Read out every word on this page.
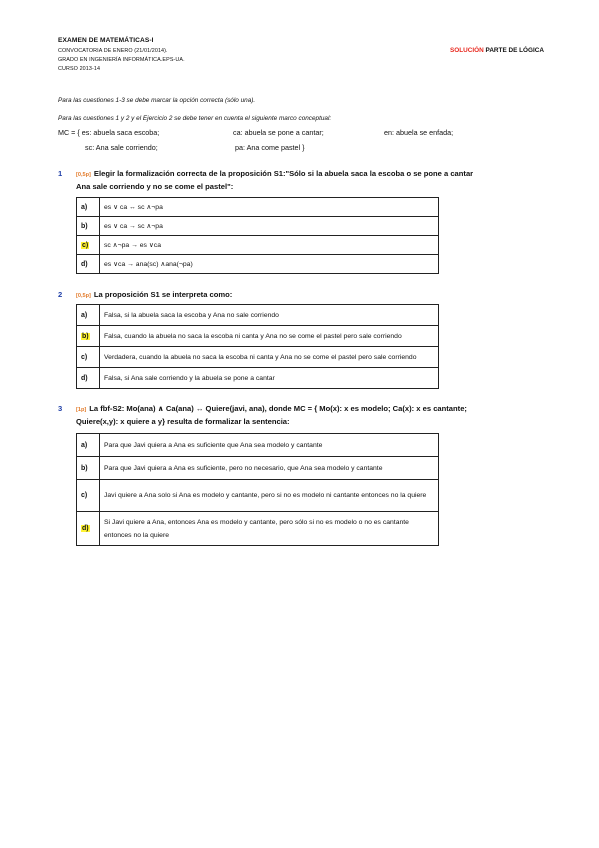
EXAMEN DE MATEMÁTICAS-I
CONVOCATORIA DE ENERO (21/01/2014).
GRADO EN INGENIERÍA INFORMÁTICA.EPS-UA.
CURSO 2013-14
SOLUCIÓN PARTE DE LÓGICA
Para las cuestiones 1-3 se debe marcar la opción correcta (sólo una).
Para las cuestiones 1 y 2 y el Ejercicio 2 se debe tener en cuenta el siguiente marco conceptual:
MC = { es: abuela saca escoba;	ca: abuela se pone a cantar;	en: abuela se enfada;
sc: Ana sale corriendo;	pa: Ana come pastel }
1 [0,5p] Elegir la formalización correcta de la proposición S1:"Sólo si la abuela saca la escoba o se pone a cantar
Ana sale corriendo y no se come el pastel":
a)	es ∨ ca ↔ sc ∧¬pa
b)	es ∨ ca → sc ∧¬pa
c)	sc ∧¬pa → es ∨ca
d)	es ∨ca → ana(sc) ∧ana(¬pa)
2 [0,5p] La proposición S1 se interpreta como:
a)	Falsa, si la abuela saca la escoba y Ana no sale corriendo
b)	Falsa, cuando la abuela no saca la escoba ni canta y Ana no se come el pastel pero sale corriendo
c)	Verdadera, cuando la abuela no saca la escoba ni canta y Ana no se come el pastel pero sale corriendo
d)	Falsa, si Ana sale corriendo y la abuela se pone a cantar
3 [1p] La fbf-S2: Mo(ana) ∧ Ca(ana) ↔ Quiere(javi, ana), donde MC = { Mo(x): x es modelo; Ca(x): x es cantante;
Quiere(x,y): x quiere a y} resulta de formalizar la sentencia:
a)	Para que Javi quiera a Ana es suficiente que Ana sea modelo y cantante
b)	Para que Javi quiera a Ana es suficiente, pero no necesario, que Ana sea modelo y cantante
c)	Javi quiere a Ana solo si Ana es modelo y cantante, pero si no es modelo ni cantante entonces no la quiere
d)	Si Javi quiere a Ana, entonces Ana es modelo y cantante, pero sólo si no es modelo o no es cantante entonces no la quiere
